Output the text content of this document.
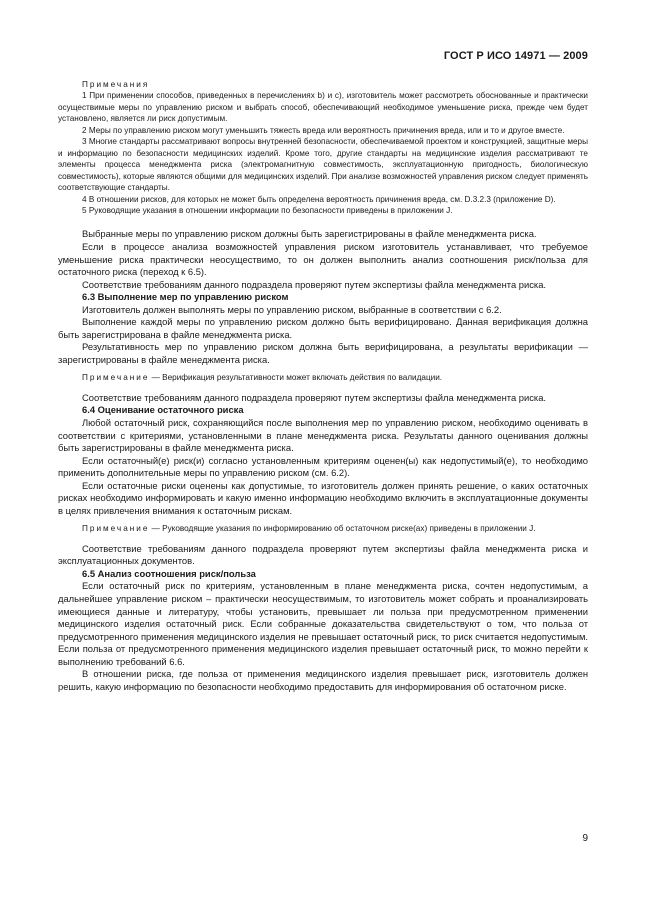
ГОСТ Р ИСО 14971 — 2009

Примечания

1 При применении способов, приведенных в перечислениях b) и c), изготовитель может рассмотреть обоснованные и практически осуществимые меры по управлению риском и выбрать способ, обеспечивающий необходимое уменьшение риска, прежде чем будет установлено, является ли риск допустимым.

2 Меры по управлению риском могут уменьшить тяжесть вреда или вероятность причинения вреда, или и то и другое вместе.

3 Многие стандарты рассматривают вопросы внутренней безопасности, обеспечиваемой проектом и конструкцией, защитные меры и информацию по безопасности медицинских изделий. Кроме того, другие стандарты на медицинские изделия рассматривают те элементы процесса менеджмента риска (электромагнитную совместимость, эксплуатационную пригодность, биологическую совместимость), которые являются общими для медицинских изделий. При анализе возможностей управления риском следует применять соответствующие стандарты.

4 В отношении рисков, для которых не может быть определена вероятность причинения вреда, см. D.3.2.3 (приложение D).

5 Руководящие указания в отношении информации по безопасности приведены в приложении J.

Выбранные меры по управлению риском должны быть зарегистрированы в файле менеджмента риска.

Если в процессе анализа возможностей управления риском изготовитель устанавливает, что требуемое уменьшение риска практически неосуществимо, то он должен выполнить анализ соотношения риск/польза для остаточного риска (переход к 6.5).

Соответствие требованиям данного подраздела проверяют путем экспертизы файла менеджмента риска.

6.3 Выполнение мер по управлению риском

Изготовитель должен выполнять меры по управлению риском, выбранные в соответствии с 6.2.

Выполнение каждой меры по управлению риском должно быть верифицировано. Данная верификация должна быть зарегистрирована в файле менеджмента риска.

Результативность мер по управлению риском должна быть верифицирована, а результаты верификации — зарегистрированы в файле менеджмента риска.

Примечание — Верификация результативности может включать действия по валидации.

Соответствие требованиям данного подраздела проверяют путем экспертизы файла менеджмента риска.

6.4 Оценивание остаточного риска

Любой остаточный риск, сохраняющийся после выполнения мер по управлению риском, необходимо оценивать в соответствии с критериями, установленными в плане менеджмента риска. Результаты данного оценивания должны быть зарегистрированы в файле менеджмента риска.

Если остаточный(е) риск(и) согласно установленным критериям оценен(ы) как недопустимый(е), то необходимо применить дополнительные меры по управлению риском (см. 6.2).

Если остаточные риски оценены как допустимые, то изготовитель должен принять решение, о каких остаточных рисках необходимо информировать и какую именно информацию необходимо включить в эксплуатационные документы в целях привлечения внимания к остаточным рискам.

Примечание — Руководящие указания по информированию об остаточном риске(ах) приведены в приложении J.

Соответствие требованиям данного подраздела проверяют путем экспертизы файла менеджмента риска и эксплуатационных документов.

6.5 Анализ соотношения риск/польза

Если остаточный риск по критериям, установленным в плане менеджмента риска, сочтен недопустимым, а дальнейшее управление риском – практически неосуществимым, то изготовитель может собрать и проанализировать имеющиеся данные и литературу, чтобы установить, превышает ли польза при предусмотренном применении медицинского изделия остаточный риск. Если собранные доказательства свидетельствуют о том, что польза от предусмотренного применения медицинского изделия не превышает остаточный риск, то риск считается недопустимым. Если польза от предусмотренного применения медицинского изделия превышает остаточный риск, то можно перейти к выполнению требований 6.6.

В отношении риска, где польза от применения медицинского изделия превышает риск, изготовитель должен решить, какую информацию по безопасности необходимо предоставить для информирования об остаточном риске.

9
